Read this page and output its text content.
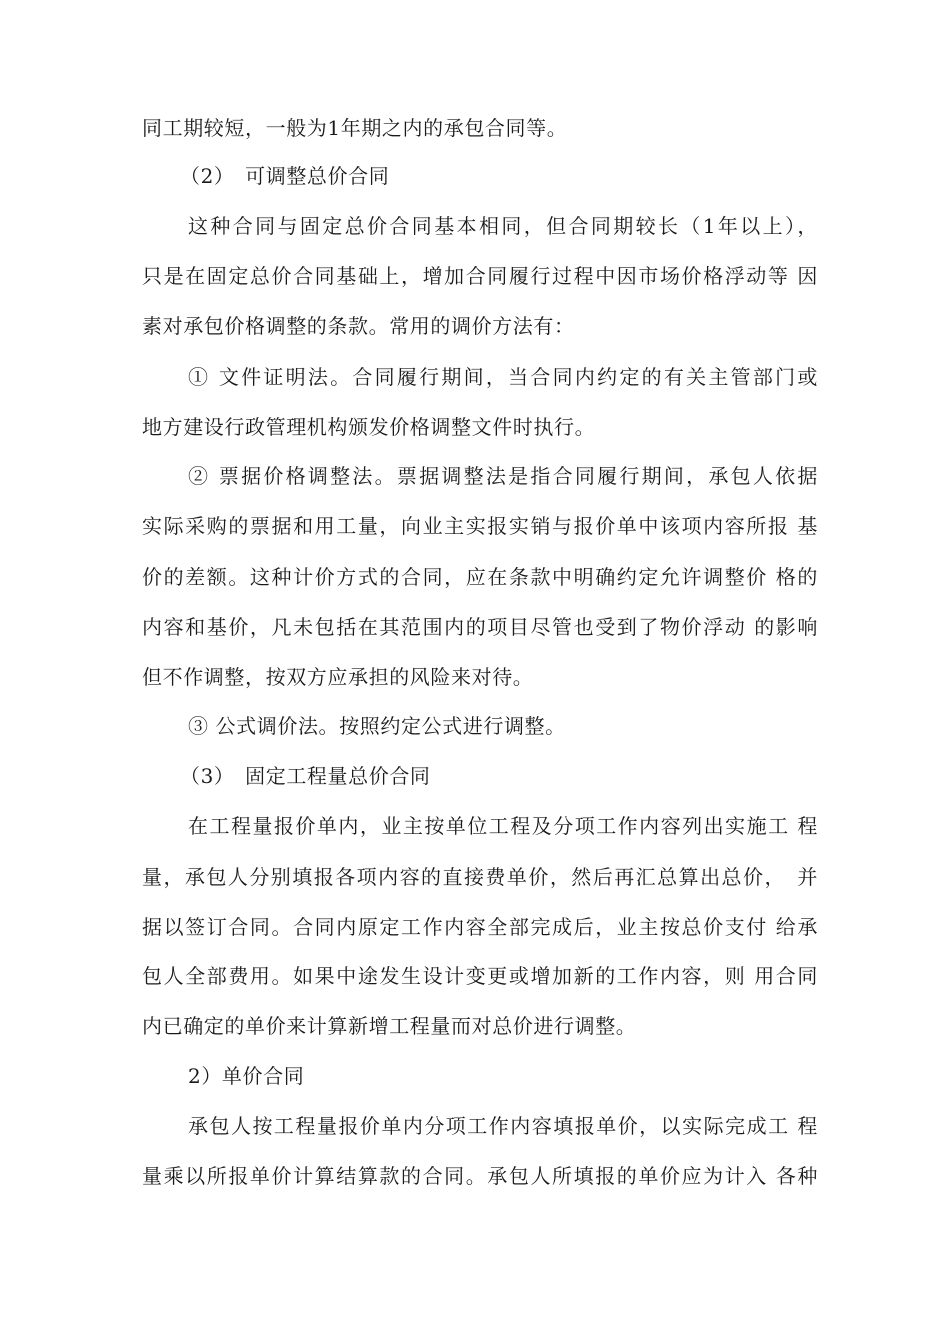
同工期较短，一般为1年期之内的承包合同等。
（2）　可调整总价合同
这种合同与固定总价合同基本相同，但合同期较长（1年以上），
只是在固定总价合同基础上，增加合同履行过程中因市场价格浮动等 因
素对承包价格调整的条款。常用的调价方法有：
① 文件证明法。合同履行期间，当合同内约定的有关主管部门或
地方建设行政管理机构颁发价格调整文件时执行。
② 票据价格调整法。票据调整法是指合同履行期间，承包人依据
实际采购的票据和用工量，向业主实报实销与报价单中该项内容所报 基
价的差额。这种计价方式的合同，应在条款中明确约定允许调整价 格的
内容和基价，凡未包括在其范围内的项目尽管也受到了物价浮动 的影响
但不作调整，按双方应承担的风险来对待。
③ 公式调价法。按照约定公式进行调整。
（3）　固定工程量总价合同
在工程量报价单内，业主按单位工程及分项工作内容列出实施工 程
量，承包人分别填报各项内容的直接费单价，然后再汇总算出总价，　并
据以签订合同。合同内原定工作内容全部完成后，业主按总价支付 给承
包人全部费用。如果中途发生设计变更或增加新的工作内容，则 用合同
内已确定的单价来计算新增工程量而对总价进行调整。
2）单价合同
承包人按工程量报价单内分项工作内容填报单价，以实际完成工 程
量乘以所报单价计算结算款的合同。承包人所填报的单价应为计入 各种
